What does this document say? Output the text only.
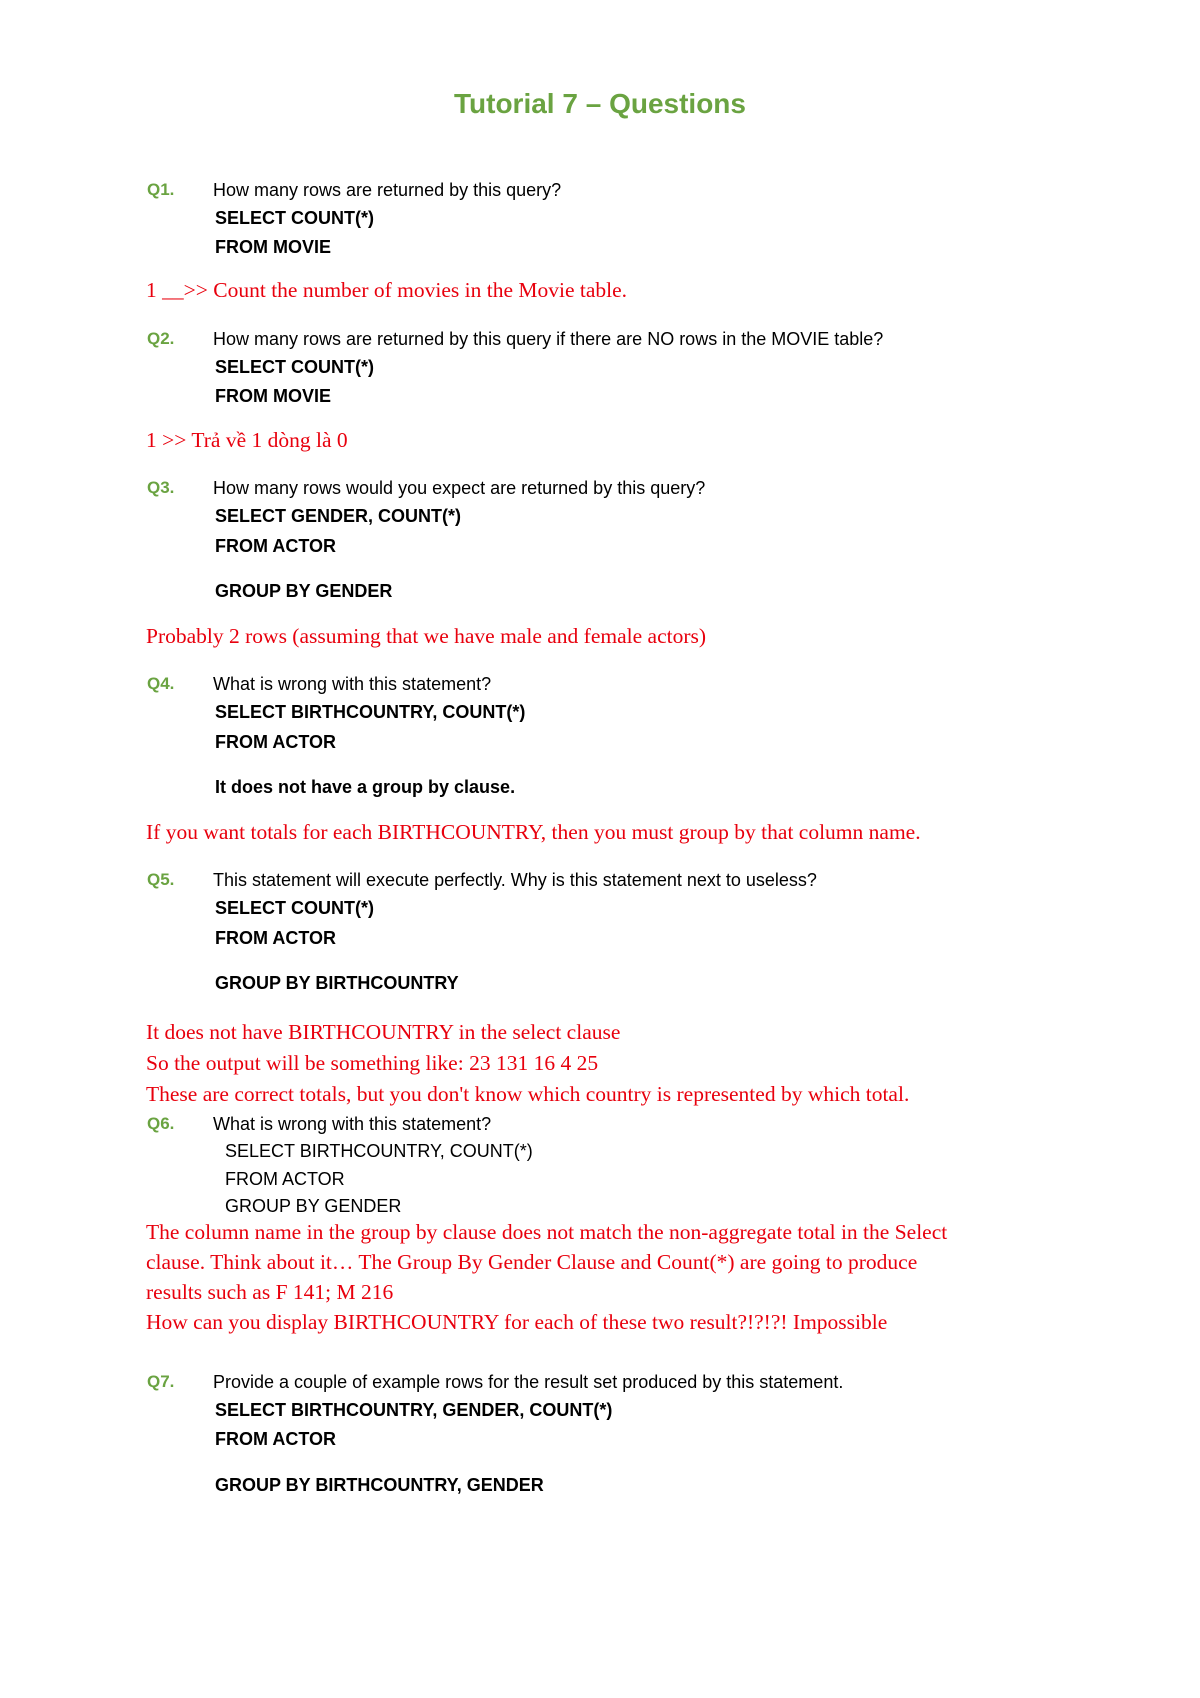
Tutorial 7 – Questions
Q1. How many rows are returned by this query?
SELECT COUNT(*)
FROM MOVIE
1 __>> Count the number of movies in the Movie table.
Q2. How many rows are returned by this query if there are NO rows in the MOVIE table?
SELECT COUNT(*)
FROM MOVIE
1 >> Trả về 1 dòng là 0
Q3. How many rows would you expect are returned by this query?
SELECT GENDER, COUNT(*)
FROM ACTOR
GROUP BY GENDER
Probably 2 rows (assuming that we have male and female actors)
Q4. What is wrong with this statement?
SELECT BIRTHCOUNTRY, COUNT(*)
FROM ACTOR
It does not have a group by clause.
If you want totals for each BIRTHCOUNTRY, then you must group by that column name.
Q5. This statement will execute perfectly. Why is this statement next to useless?
SELECT COUNT(*)
FROM ACTOR
GROUP BY BIRTHCOUNTRY
It does not have BIRTHCOUNTRY in the select clause
So the output will be something like: 23 131 16 4 25
These are correct totals, but you don't know which country is represented by which total.
Q6. What is wrong with this statement?
SELECT BIRTHCOUNTRY, COUNT(*)
FROM ACTOR
GROUP BY GENDER
The column name in the group by clause does not match the non-aggregate total in the Select
clause. Think about it… The Group By Gender Clause and Count(*) are going to produce
results such as F 141; M 216
How can you display BIRTHCOUNTRY for each of these two result?!?!?! Impossible
Q7. Provide a couple of example rows for the result set produced by this statement.
SELECT BIRTHCOUNTRY, GENDER, COUNT(*)
FROM ACTOR
GROUP BY BIRTHCOUNTRY, GENDER
